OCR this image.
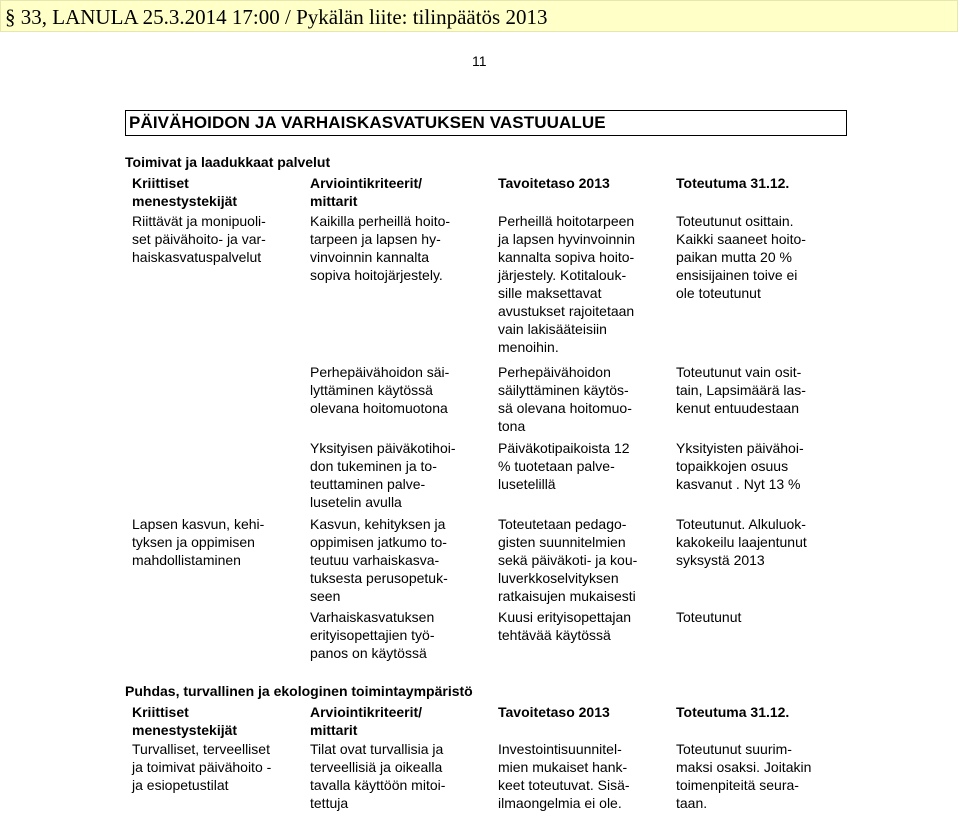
§ 33, LANULA 25.3.2014 17:00 / Pykälän liite: tilinpäätös 2013
11
PÄIVÄHOIDON JA VARHAISKASVATUKSEN VASTUUALUE
Toimivat ja laadukkaat palvelut
Kriittiset
menestystekijät
Arviointikriteerit/
mittarit
Tavoitetaso 2013	Toteutuma 31.12.
Riittävät ja monipuoli-
set päivähoito- ja var-
haiskasvatuspalvelut
Lapsen kasvun, kehi-
tyksen ja oppimisen
mahdollistaminen
Kaikilla perheillä hoito-
tarpeen ja lapsen hy-
vinvoinnin kannalta
sopiva hoitojärjestely.
Perheillä hoitotarpeen
ja lapsen hyvinvoinnin
kannalta sopiva hoito-
järjestely. Kotitalouk-
sille maksettavat
avustukset rajoitetaan
vain lakisääteisiin
menoihin.
Toteutunut osittain.
Kaikki saaneet hoito-
paikan mutta 20 %
ensisijainen toive ei
ole toteutunut
Perhepäivähoidon säi-
lyttäminen käytössä
olevana hoitomuotona
Perhepäivähoidon
säilyttäminen käytös-
sä olevana hoitomuo-
tona
Toteutunut vain osit-
tain, Lapsimäärä las-
kenut entuudestaan
Yksityisen päiväkotihoi-
don tukeminen ja to-
teuttaminen palve-
lusetelin avulla
Päiväkotipaikoista 12
% tuotetaan palve-
lusetelillä
Yksityisten päivähoi-
topaikkojen osuus
kasvanut . Nyt 13 %
Kasvun, kehityksen ja
oppimisen jatkumo to-
teutuu varhaiskasva-
tuksesta perusopetuk-
seen
Toteutetaan pedago-
gisten suunnitelmien
sekä päiväkoti- ja kou-
luverkkoselvityksen
ratkaisujen mukaisesti
Toteutunut. Alkuluok-
kakokeilu laajentunut
syksystä 2013
Varhaiskasvatuksen
erityisopettajien työ-
panos on käytössä
Kuusi erityisopettajan
tehtävää käytössä
Toteutunut
Puhdas, turvallinen ja ekologinen toimintaympäristö
Kriittiset
menestystekijät
Arviointikriteerit/
mittarit
Tavoitetaso 2013	Toteutuma 31.12.
Turvalliset, terveelliset
ja toimivat päivähoito -
ja esiopetustilat
Tilat ovat turvallisia ja
terveellisiä ja oikealla
tavalla käyttöön mitoi-
tettuja
Investointisuunnitel-
mien mukaiset hank-
keet toteutuvat. Sisä-
ilmaongelmia ei ole.
Toteutunut suurim-
maksi osaksi. Joitakin
toimenpiteitä seura-
taan.
